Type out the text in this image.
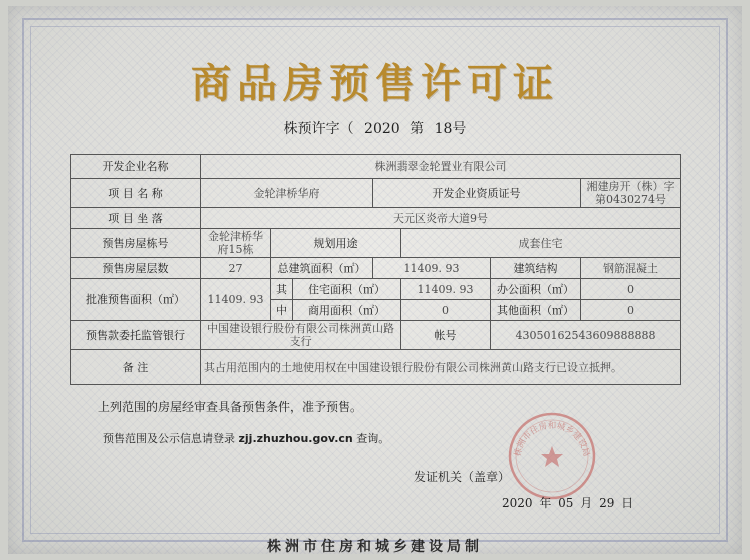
商品房预售许可证
株预许字（ 2020 第 18号
开发企业名称	株洲翡翠金轮置业有限公司						
项 目 名 称	金轮津桥华府			开发企业资质证号			湘建房开（株）字第0430274号
项 目 坐 落	天元区炎帝大道9号						
预售房屋栋号	金轮津桥华府15栋	规划用途			成套住宅		
预售房屋层数	27	总建筑面积（㎡）		11409. 93		建筑结构	钢筋混凝土
批准预售面积（㎡）	11409. 93	其	住宅面积（㎡）		11409. 93	办公面积（㎡）	0
		中	商用面积（㎡）		0	其他面积（㎡）	0
预售款委托监管银行	中国建设银行股份有限公司株洲黄山路支行				帐号	43050162543609888888	
备 注	其占用范围内的土地使用权在中国建设银行股份有限公司株洲黄山路支行已设立抵押。						
上列范围的房屋经审查具备预售条件，准予预售。
预售范围及公示信息请登录 zjj.zhuzhou.gov.cn 查询。
株洲市住房和城乡建设局
发证机关（盖章）
2020 年 05 月 29 日
株洲市住房和城乡建设局制
